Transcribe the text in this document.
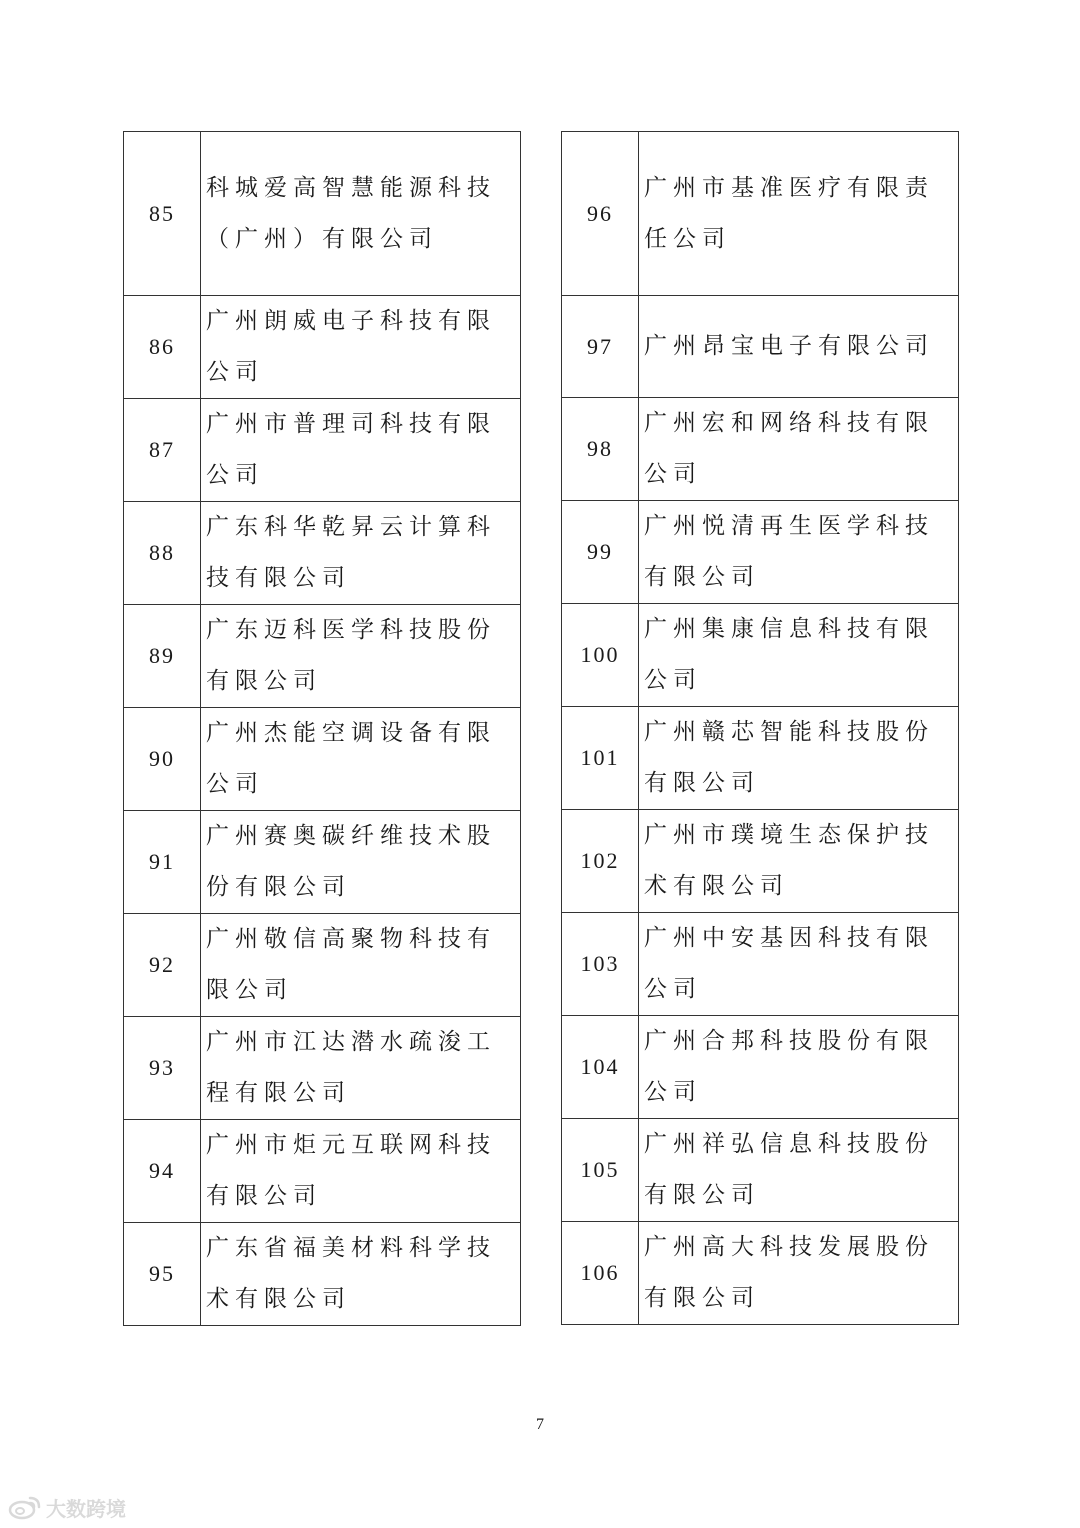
85	科城爱高智慧能源科技（广州）有限公司
86	广州朗威电子科技有限公司
87	广州市普理司科技有限公司
88	广东科华乾昇云计算科技有限公司
89	广东迈科医学科技股份有限公司
90	广州杰能空调设备有限公司
91	广州赛奥碳纤维技术股份有限公司
92	广州敬信高聚物科技有限公司
93	广州市江达潜水疏浚工程有限公司
94	广州市炬元互联网科技有限公司
95	广东省福美材料科学技术有限公司
96	广州市基准医疗有限责任公司
97	广州昂宝电子有限公司
98	广州宏和网络科技有限公司
99	广州悦清再生医学科技有限公司
100	广州集康信息科技有限公司
101	广州赣芯智能科技股份有限公司
102	广州市璞境生态保护技术有限公司
103	广州中安基因科技有限公司
104	广州合邦科技股份有限公司
105	广州祥弘信息科技股份有限公司
106	广州高大科技发展股份有限公司
7
大数跨境
